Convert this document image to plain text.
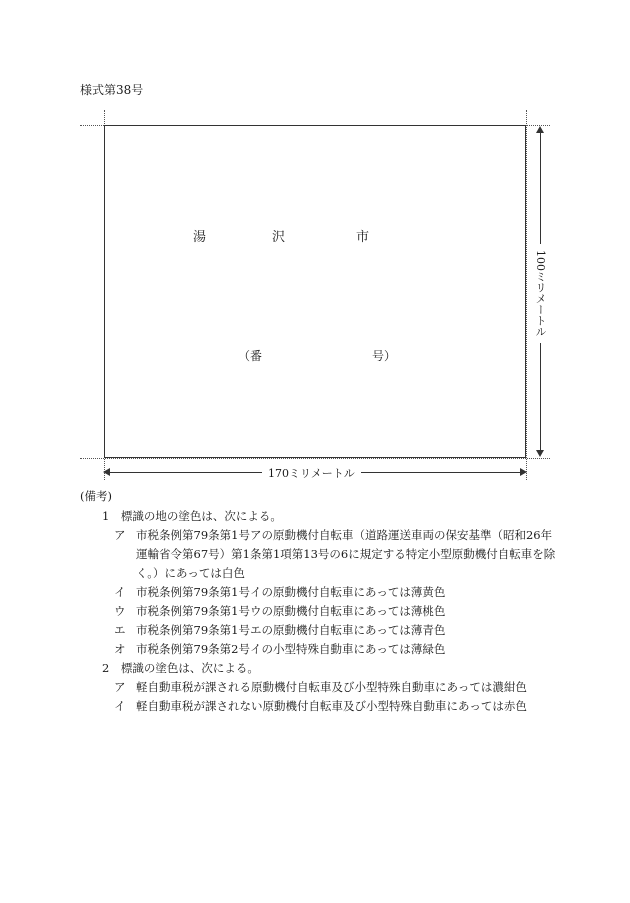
様式第38号
湯	沢	市
（番	号）
170ミリメートル
100ミリメートル
(備考)
1　標識の地の塗色は、次による。
ア 市税条例第79条第1号アの原動機付自転車（道路運送車両の保安基準（昭和26年運輸省令第67号）第1条第1項第13号の6に規定する特定小型原動機付自転車を除く。）にあっては白色
イ 市税条例第79条第1号イの原動機付自転車にあっては薄黄色
ウ 市税条例第79条第1号ウの原動機付自転車にあっては薄桃色
エ 市税条例第79条第1号エの原動機付自転車にあっては薄青色
オ 市税条例第79条第2号イの小型特殊自動車にあっては薄緑色
2　標識の塗色は、次による。
ア 軽自動車税が課される原動機付自転車及び小型特殊自動車にあっては濃紺色
イ 軽自動車税が課されない原動機付自転車及び小型特殊自動車にあっては赤色
